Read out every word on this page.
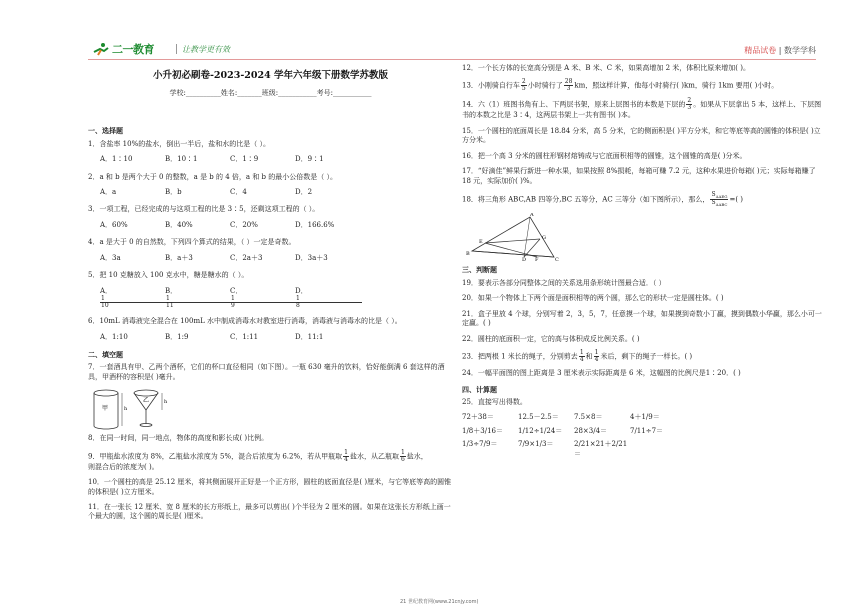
二一教育	让教学更有效	精品试卷 | 数学学科
小升初必刷卷-2023-2024 学年六年级下册数学苏教版
学校:__________姓名:_______班级:___________考号:___________
一、选择题
1．含盐率 10%的盐水，倒出一半后，盐和水的比是（ ）。
A．1∶10	B．10∶1	C．1∶9	D．9∶1
2．a 和 b 是两个大于 0 的整数，a 是 b 的 4 倍，a 和 b 的最小公倍数是（ ）。
A．a	B．b	C．4	D．2
3．一项工程，已经完成的与这项工程的比是 3∶5，还剩这项工程的（ ）。
A．60%	B．40%	C．20%	D．166.6%
4．a 是大于 0 的自然数，下列四个算式的结果，（ ）一定是奇数。
A．3a	B．a＋3	C．2a＋3	D．3a＋3
5．把 10 克糖放入 100 克水中，糖是糖水的（ ）。
A．
$\frac{1}{10}$
B．
$\frac{1}{11}$
C．
$\frac{1}{9}$
D．
$\frac{1}{8}$
6．10mL 消毒液完全混合在 100mL 水中制成消毒水对教室进行消毒，消毒液与消毒水的比是（ ）。
A．1:10	B．1:9	C．1:11	D．11:1
二、填空题
7．一套酒具有甲、乙两个酒杯，它们的杯口直径相同（如下图）。一瓶 630 毫升的饮料，恰好能倒满 6 套这样的酒具，甲酒杯的容积是( )毫升。
甲	h
乙	h
8．在同一时间，同一地点，物体的高度和影长成( )比例。
9．甲瓶盐水浓度为 8%，乙瓶盐水浓度为 5%，混合后浓度为 6.2%，若从甲瓶取 $\frac{1}{4}$ 盐水，从乙瓶取 $\frac{1}{6}$ 盐水，
则混合后的浓度为( )。
10．一个圆柱的高是 25.12 厘米，将其侧面展开正好是一个正方形，圆柱的底面直径是( )厘米，与它等底等高的圆锥的体积是( )立方厘米。
11．在一张长 12 厘米、宽 8 厘米的长方形纸上，最多可以剪出( )个半径为 2 厘米的圆。如果在这张长方形纸上画一个最大的圆，这个圆的周长是( )厘米。
12．一个长方体的长宽高分别是 A 米、B 米、C 米，如果高增加 2 米，体积比原来增加( )。
13．小刚骑自行车 $\frac{2}{5}$ 小时骑行了 $\frac{28}{3}$ km，照这样计算，他每小时骑行( )km，骑行 1km 要用( )小时。
14．六（1）班图书角有上、下两层书架，原来上层图书的本数是下层的 $\frac{2}{3}$ 。如果从下层拿出 5 本，这样上、下层图书的本数之比是 3∶4，这两层书架上一共有图书( )本。
15．一个圆柱的底面周长是 18.84 分米，高 5 分米，它的侧面积是( )平方分米，和它等底等高的圆锥的体积是( )立方分米。
16．把一个高 3 分米的圆柱形钢材熔铸成与它底面积相等的圆锥，这个圆锥的高是( )分米。
17．“好滴佳”鲜果行新进一种水果，如果按照 8%损耗，每箱可赚 7.2 元，这种水果进价每箱( )元；实际每箱赚了 18 元，实际加价( )%。
18．将三角形 ABC,AB 四等分,BC 五等分，AC 三等分（如下图所示），那么， $\frac{S_{\Delta AEG}}{S_{\Delta ABC}}$ =( )
A
E
B
D F	C
G
三、判断题
19．要表示各部分同整体之间的关系选用条形统计图最合适．（ ）
20．如果一个物体上下两个面是面积相等的两个圆，那么它的形状一定是圆柱体。( )
21．盒子里放 4 个球，分别写着 2，3，5，7，任意摸一个球，如果摸到奇数小丁赢，摸到偶数小华赢，那么小可一定赢。( )
22．圆柱的底面积一定，它的高与体积成反比例关系。( )
23．把两根 1 米长的绳子，分别剪去 $\frac{1}{4}$ 和 $\frac{1}{4}$ 米后，剩下的绳子一样长。( )
24．一幅平面图的图上距离是 3 厘米表示实际距离是 6 米，这幅图的比例尺是1∶20．( )
四、计算题
25．直接写出得数。
72＋38＝	12.5－2.5＝	7.5×8＝	4＋1/9＝
1/8＋3/16＝	1/12÷1/24＝	28×3/4＝	7/11÷7＝
1/3÷7/9＝	7/9×1/3＝	2/21×21＋2/21＝
21 世纪教育网(www.21cnjy.com)
